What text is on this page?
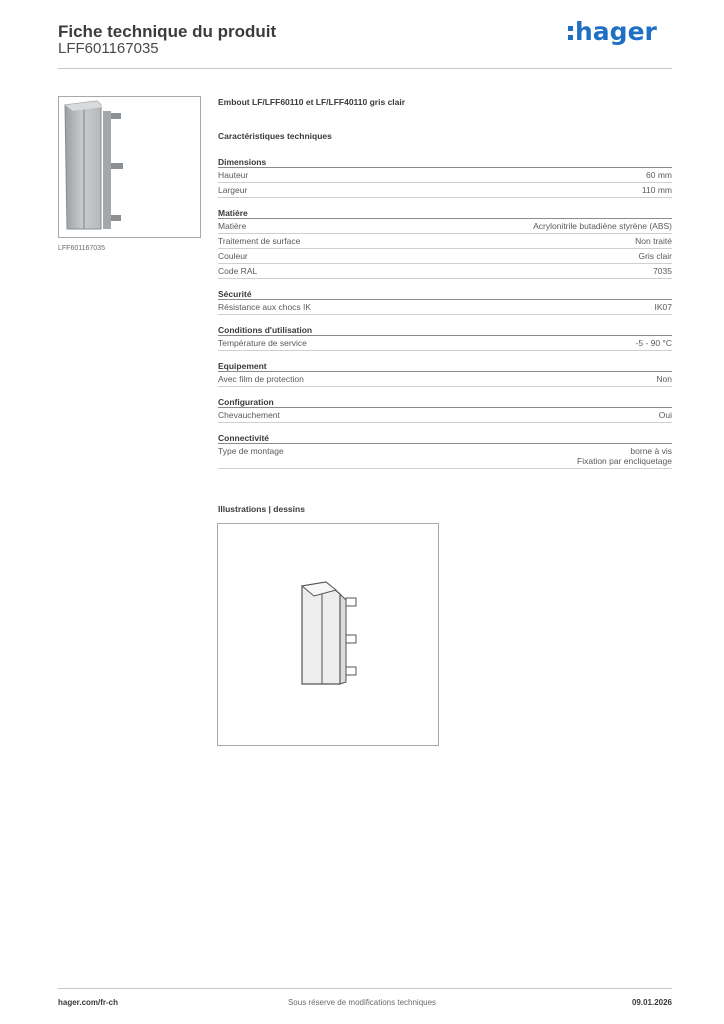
Fiche technique du produit
LFF601167035
hager
LFF601167035
Embout LF/LFF60110 et LF/LFF40110 gris clair
Caractéristiques techniques
Dimensions
Hauteur	60 mm
Largeur	110 mm
Matière
Matière	Acrylonitrile butadiène styrène (ABS)
Traitement de surface	Non traité
Couleur	Gris clair
Code RAL	7035
Sécurité
Résistance aux chocs IK	IK07
Conditions d'utilisation
Température de service	-5 - 90 °C
Equipement
Avec film de protection	Non
Configuration
Chevauchement	Oui
Connectivité
Type de montage	borne à vis
Fixation par encliquetage
Illustrations | dessins
hager.com/fr-ch	Sous réserve de modifications techniques	09.01.2026
